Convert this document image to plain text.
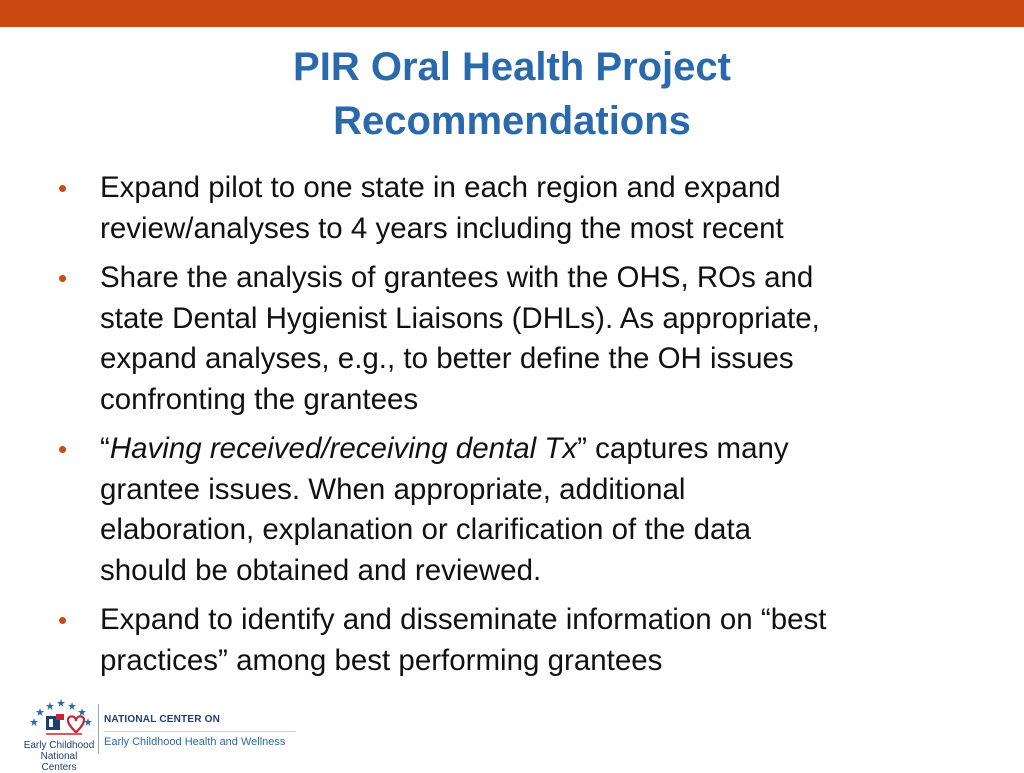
PIR Oral Health Project
Recommendations
• Expand pilot to one state in each region and expand
review/analyses to 4 years including the most recent
• Share the analysis of grantees with the OHS, ROs and
state Dental Hygienist Liaisons (DHLs). As appropriate,
expand analyses, e.g., to better define the OH issues
confronting the grantees
• “Having received/receiving dental Tx” captures many
grantee issues. When appropriate, additional
elaboration, explanation or clarification of the data
should be obtained and reviewed.
• Expand to identify and disseminate information on “best
practices” among best performing grantees
Early Childhood
National Centers
NATIONAL CENTER ON
Early Childhood Health and Wellness
